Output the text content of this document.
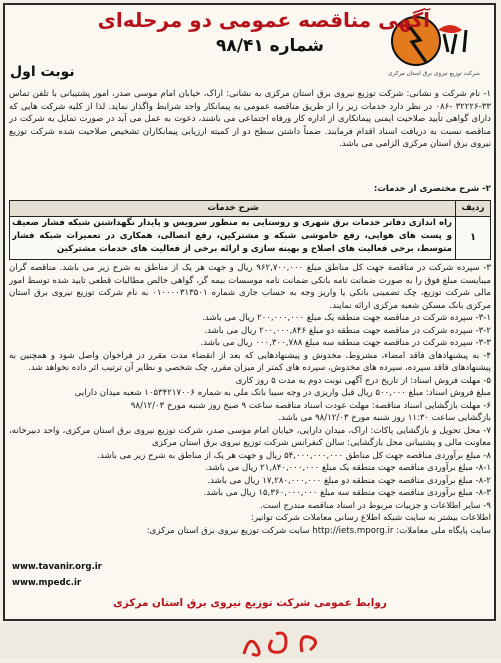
شرکت توزیع نیروی برق استان مرکزی
آگهی مناقصه عمومی دو مرحله‌ای
شماره ۹۸/۴۱
نوبت اول
۱- نام شرکت و نشانی: شرکت توزیع نیروی برق استان مرکزی به نشانی: اراک، خیابان امام موسی صدر، امور پشتیبانی با تلفن تماس ۳۳-۳۲۲۲۶ -۰۸۶ در نظر دارد خدمات زیر را از طریق مناقصه عمومی به پیمانکار واجد شرایط واگذار نماید. لذا از کلیه شرکت هایی که دارای گواهی تأیید صلاحیت ایمنی پیمانکاری از اداره کار ورفاه اجتماعی می باشند، دعوت به عمل می آید در صورت تمایل به شرکت در مناقصه نسبت به دریافت اسناد اقدام فرمایند. ضمناً داشتن سطح دو از کمیته ارزیابی پیمانکاران تشخیص صلاحیت شده شرکت توزیع نیروی برق استان مرکزی الزامی می باشد.
۲- شرح مختصری از خدمات:
ردیف
شرح خدمات
۱
راه اندازی دفاتر خدمات برق شهری و روستایی به منظور سرویس و پایدار نگهداشتن شبکه فشار ضعیف و پست های هوایی، رفع خاموشی شبکه و مشترکین، رفع اتصالی، همکاری در تعمیرات شبکه فشار متوسط، برخی فعالیت های اصلاح و بهینه سازی و ارائه برخی از فعالیت های خدمات مشترکین
۳- سپرده شرکت در مناقصه جهت کل مناطق مبلغ ۹۶۲,۷۰۰,۰۰۰ ریال و جهت هر یک از مناطق به شرح زیر می باشد. مناقصه گران میبایست مبلغ فوق را به صورت ضمانت نامه بانکی ضمانت نامه موسسات بیمه گر، گواهی خالص مطالبات قطعی تایید شده توسط امور مالی شرکت توزیع، چک تضمینی بانکی یا واریز وجه به حساب جاری شماره ۰۱۰۰۰۰۳۱۳۵۰۱ به نام شرکت توزیع نیروی برق استان مرکزی بانک مسکن شعبه مرکزی ارائه نمایند.
۳-۱- سپرده شرکت در مناقصه جهت منطقه یک مبلغ ۲۰۰,۰۰۰,۰۰۰ ریال می باشد.
۳-۲- سپرده شرکت در مناقصه جهت منطقه دو مبلغ ۲۰۰,۰۰۰,۸۴۶ ریال می باشد.
۳-۳- سپرده شرکت در مناقصه جهت منطقه سه مبلغ ۰۰۰,۳۰۰,۷۸۸ ریال می باشد.
۴- به پیشنهادهای فاقد امضاء، مشروط، مخدوش و پیشنهادهایی که بعد از انقضاء مدت مقرر در فراخوان واصل شود و همچنین به پیشنهادهای فاقد سپرده، سپرده های مخدوش، سپرده های کمتر از میزان مقرر، چک شخصی و نظایر آن ترتیب اثر داده نخواهد شد.
۵- مهلت فروش اسناد: از تاریخ درج آگهی نوبت دوم به مدت ۵ روز کاری
مبلغ فروش اسناد: مبلغ ۵۰۰,۰۰۰ ریال قبل واریزی در وجه سیبا بانک ملی به شماره ۱۰۵۳۴۲۱۷۰۰۶ شعبه میدان دارایی
۶- مهلت بازگشایی اسناد مناقصه: مهلت عودت اسناد مناقصه ساعت ۹ صبح روز شنبه مورخ ۹۸/۱۲/۰۳
بازگشایی ساعت ۱۱:۳۰ روز شنبه مورخ ۹۸/۱۲/۰۳ می باشد.
۷- محل تحویل و بازگشایی پاکات: اراک، میدان دارایی، خیابان امام موسی صدر، شرکت توزیع نیروی برق استان مرکزی، واحد دبیرخانه، معاونت مالی و پشتیبانی محل بازگشایی: سالن کنفرانس شرکت توزیع نیروی برق استان مرکزی
۸- مبلغ برآوردی مناقصه جهت کل مناطق ۵۴,۰۰۰,۰۰۰,۰۰۰ ریال و جهت هر یک از مناطق به شرح زیر می باشد.
۸-۱- مبلغ برآوردی مناقصه جهت منطقه یک مبلغ ۲۱,۸۴۰,۰۰۰,۰۰۰ ریال می باشد.
۸-۲- مبلغ برآوردی مناقصه جهت منطقه دو مبلغ ۱۷,۲۸۰,۰۰۰,۰۰۰ ریال می باشد.
۸-۳- مبلغ برآوردی مناقصه جهت منطقه سه مبلغ ۱۵,۳۶۰,۰۰۰,۰۰۰ ریال می باشد.
۹- سایر اطلاعات و جزییات مربوط در اسناد مناقصه مندرج است.
اطلاعات بیشتر به سایت شبکه اطلاع رسانی معاملات شرکت توانیر:
سایت پایگاه ملی معاملات: http://iets.mporg.ir سایت شرکت توزیع نیروی برق استان مرکزی:
www.tavanir.org.ir
www.mpedc.ir
روابط عمومی شرکت توزیع نیروی برق استان مرکزی
